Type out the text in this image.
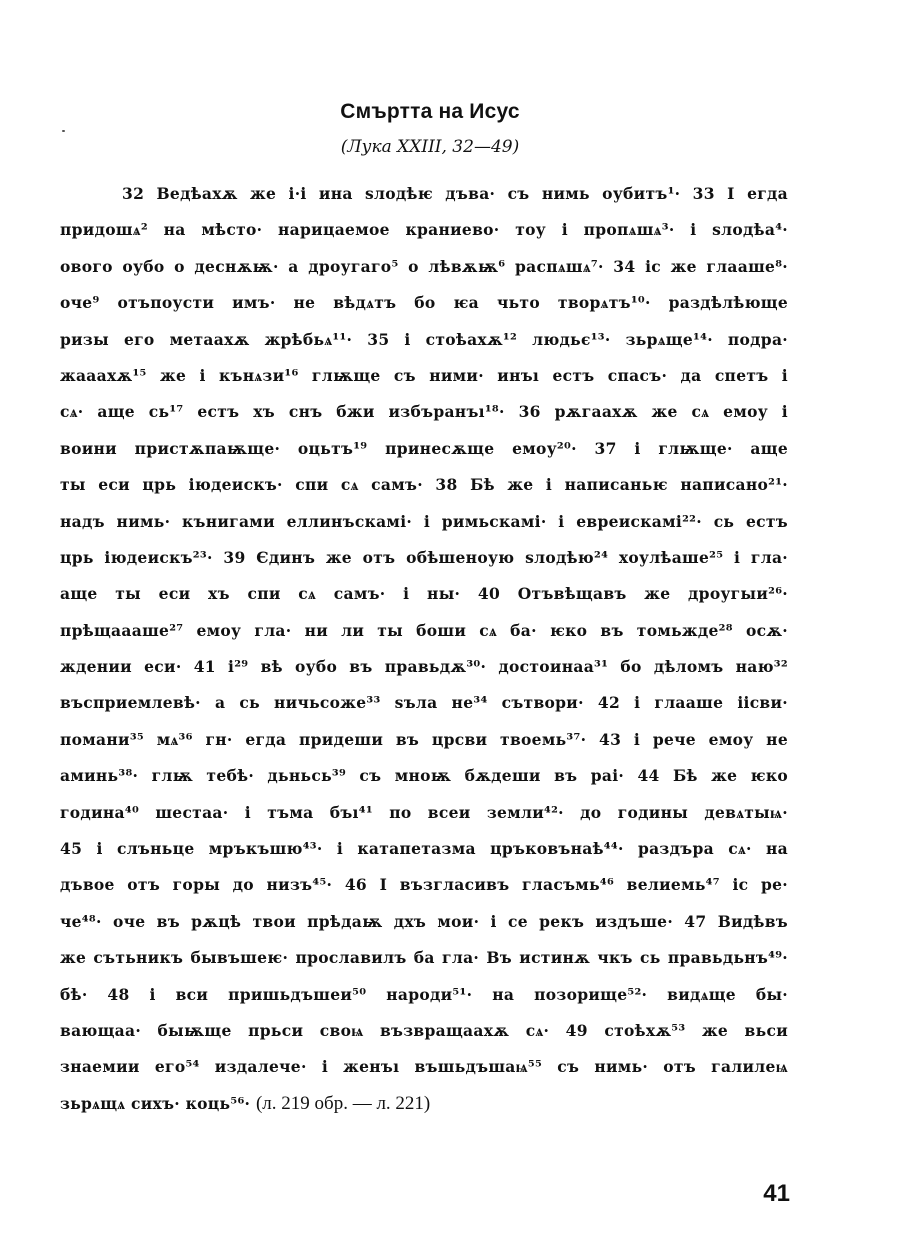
Смъртта на Исус
(Лука XXIII, 32—49)
32 Ведѣахѫ же і·і ина ѕлодѣѥ дъва· съ нимь оубитъ¹· 33 І егда
придошѧ² на мѣсто· нарицаемое краниево· тоу і пропѧшѧ³· і ѕлодѣа⁴·
ового оубо о деснѫѭ· а дроугаго⁵ о лѣвѫѭ⁶ распѧшѧ⁷· 34 іс же глаашe⁸·
оче⁹ отъпоусти имъ· не вѣдѧтъ бо ѥа чьто творѧтъ¹⁰· раздѣлѣюще
ризы его метаахѫ жрѣбьѧ¹¹· 35 і стоѣахѫ¹² людьє¹³· зьрѧще¹⁴· подра·
жааахѫ¹⁵ же і кънѧзи¹⁶ глѭще съ ними· инъı естъ спасъ· да спетъ і
сѧ· аще сь¹⁷ естъ хъ снъ бжи избъранъı¹⁸· 36 рѫгаахѫ же сѧ емоу і
воини пристѫпаѭще· оцьтъ¹⁹ принесѫще емоу²⁰· 37 і глѭще· аще
ты еси црь іюдеискъ· спи сѧ самъ· 38 Бѣ же і написаньѥ написано²¹·
надъ нимь· кънигами еллинъскамі· і римьскамі· і евреискамі²²· сь естъ
црь іюдеискъ²³· 39 Єдинъ же отъ обѣшеноую ѕлодѣю²⁴ хоулѣаше²⁵ і гла·
аще ты еси хъ спи сѧ самъ· і ны· 40 Отъвѣщавъ же дроугыи²⁶·
прѣщаааше²⁷ емоу гла· ни ли ты боши сѧ ба· ѥко въ томьжде²⁸ осѫ·
ждении еси· 41 і²⁹ вѣ оубо въ правьдѫ³⁰· достоинаа³¹ бо дѣломъ наю³²
въсприемлевѣ· а сь ничьсоже³³ ѕъла не³⁴ сътвори· 42 і глааше іісви·
помани³⁵ мѧ³⁶ гн· егда придеши въ црсви твоемь³⁷· 43 і рече емоу не
аминь³⁸· глѭ тебѣ· дьньсь³⁹ съ мноѭ бѫдеши въ раі· 44 Бѣ же ѥко
година⁴⁰ шестаа· і тъма бъı⁴¹ по всеи земли⁴²· до годины девѧтыѩ·
45 і слъньце мръкъшю⁴³· і катапетазма цръковънаѣ⁴⁴· раздъра сѧ· на
дъвое отъ горы до низъ⁴⁵· 46 І възгласивъ гласъмь⁴⁶ велиемь⁴⁷ іс ре·
че⁴⁸· оче въ рѫцѣ твои прѣдаѭ дхъ мои· і се рекъ издъше· 47 Видѣвъ
же сътьникъ бывъшеѥ· прославилъ ба гла· Въ истинѫ чкъ сь правьдьнъ⁴⁹·
бѣ· 48 і вси пришьдъшеи⁵⁰ народи⁵¹· на позорище⁵²· видѧще бы·
вающаа· быѭще прьси своѩ възвращаахѫ сѧ· 49 стоѣхѫ⁵³ же вьси
знаемии его⁵⁴ издалече· і женъı въшьдъшаѩ⁵⁵ съ нимь· отъ галилеѩ
зьрѧщѧ сихъ· коць⁵⁶· (л. 219 обр. — л. 221)
41
